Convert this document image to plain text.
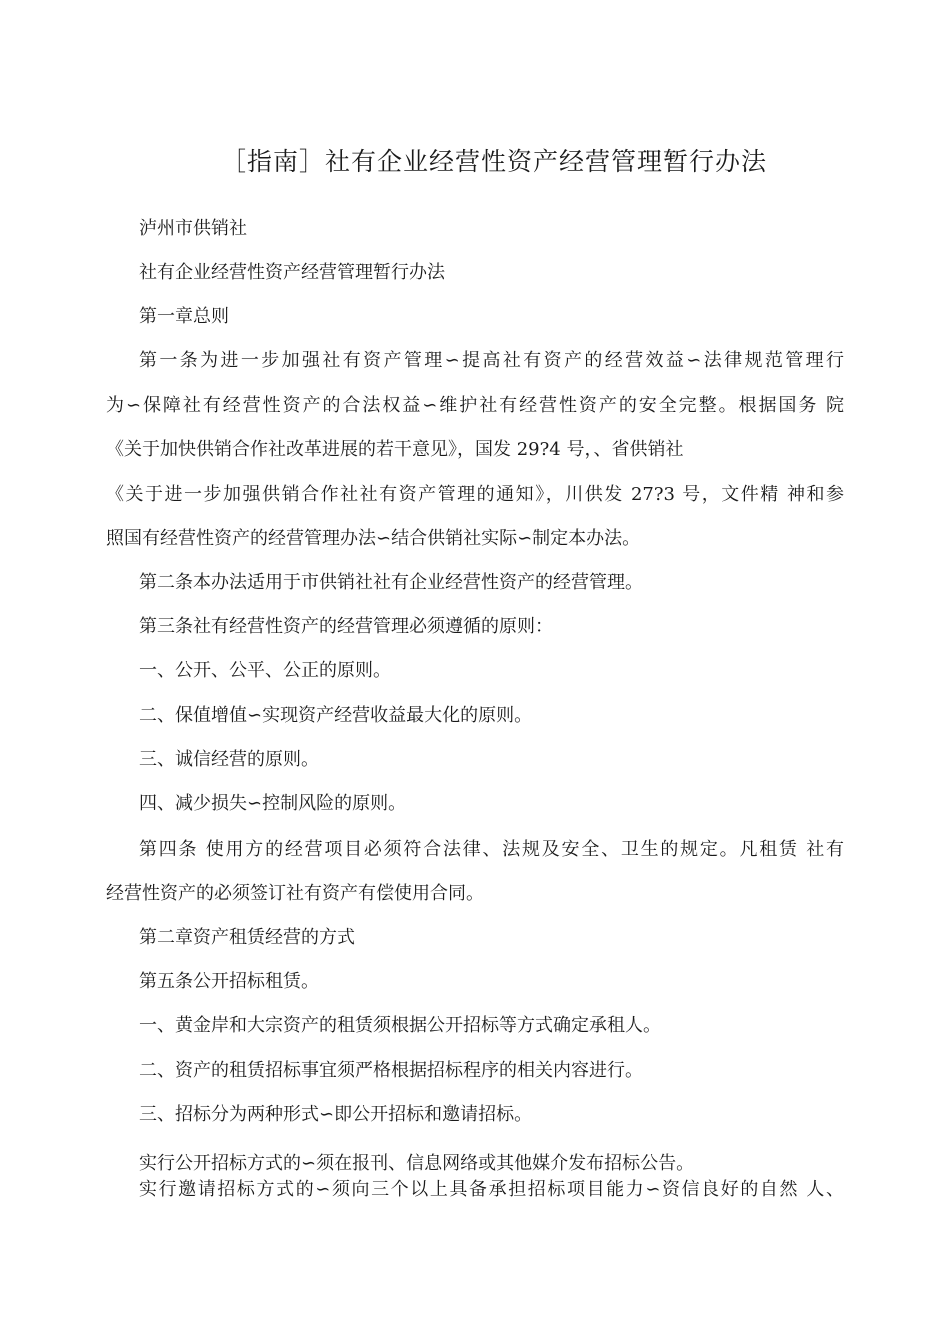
［指南］社有企业经营性资产经营管理暂行办法
泸州市供销社
社有企业经营性资产经营管理暂行办法
第一章总则
第一条为进一步加强社有资产管理∽提高社有资产的经营效益∽法律规范管理行
为∽保障社有经营性资产的合法权益∽维护社有经营性资产的安全完整。根据国务 院
《关于加快供销合作社改革进展的若干意见》，国发 29?4 号，、省供销社
《关于进一步加强供销合作社社有资产管理的通知》，川供发 27?3 号，文件精 神和参
照国有经营性资产的经营管理办法∽结合供销社实际∽制定本办法。
第二条本办法适用于市供销社社有企业经营性资产的经营管理。
第三条社有经营性资产的经营管理必须遵循的原则：
一、公开、公平、公正的原则。
二、保值增值∽实现资产经营收益最大化的原则。
三、诚信经营的原则。
四、减少损失∽控制风险的原则。
第四条 使用方的经营项目必须符合法律、法规及安全、卫生的规定。凡租赁 社有
经营性资产的必须签订社有资产有偿使用合同。
第二章资产租赁经营的方式
第五条公开招标租赁。
一、黄金岸和大宗资产的租赁须根据公开招标等方式确定承租人。
二、资产的租赁招标事宜须严格根据招标程序的相关内容进行。
三、招标分为两种形式∽即公开招标和邀请招标。
实行公开招标方式的∽须在报刊、信息网络或其他媒介发布招标公告。
实行邀请招标方式的∽须向三个以上具备承担招标项目能力∽资信良好的自然 人、
